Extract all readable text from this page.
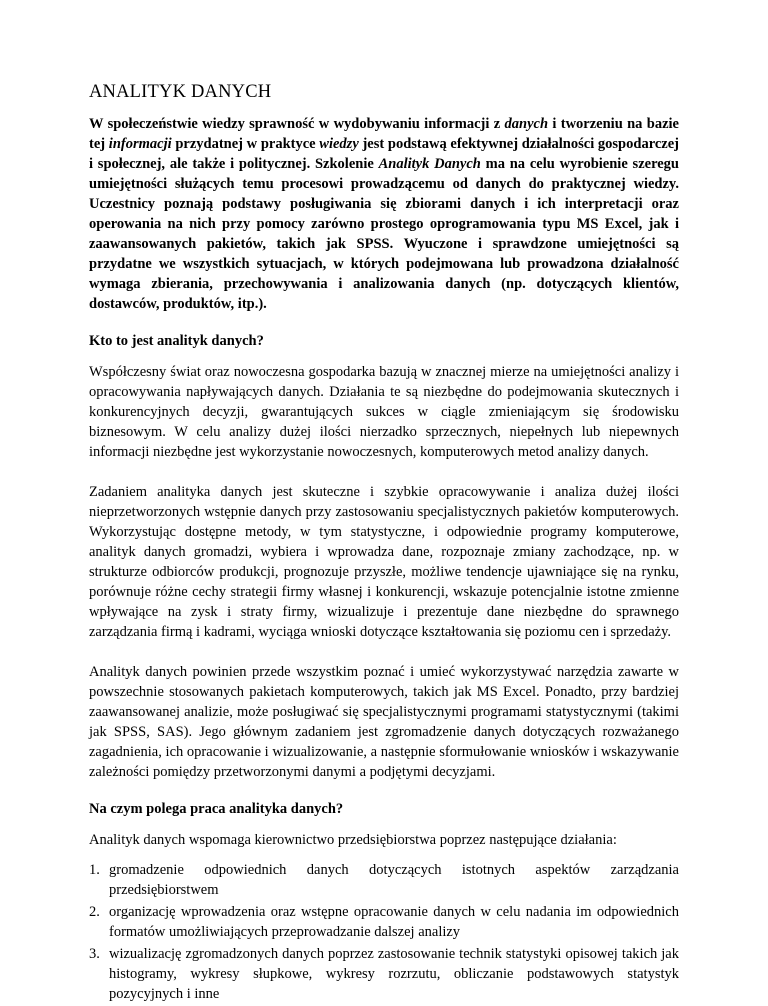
ANALITYK DANYCH

W społeczeństwie wiedzy sprawność w wydobywaniu informacji z danych i tworzeniu na bazie tej informacji przydatnej w praktyce wiedzy jest podstawą efektywnej działalności gospodarczej i społecznej, ale także i politycznej. Szkolenie Analityk Danych ma na celu wyrobienie szeregu umiejętności służących temu procesowi prowadzącemu od danych do praktycznej wiedzy. Uczestnicy poznają podstawy posługiwania się zbiorami danych i ich interpretacji oraz operowania na nich przy pomocy zarówno prostego oprogramowania typu MS Excel, jak i zaawansowanych pakietów, takich jak SPSS. Wyuczone i sprawdzone umiejętności są przydatne we wszystkich sytuacjach, w których podejmowana lub prowadzona działalność wymaga zbierania, przechowywania i analizowania danych (np. dotyczących klientów, dostawców, produktów, itp.).

Kto to jest analityk danych?

Współczesny świat oraz nowoczesna gospodarka bazują w znacznej mierze na umiejętności analizy i opracowywania napływających danych. Działania te są niezbędne do podejmowania skutecznych i konkurencyjnych decyzji, gwarantujących sukces w ciągle zmieniającym się środowisku biznesowym. W celu analizy dużej ilości nierzadko sprzecznych, niepełnych lub niepewnych informacji niezbędne jest wykorzystanie nowoczesnych, komputerowych metod analizy danych.

Zadaniem analityka danych jest skuteczne i szybkie opracowywanie i analiza dużej ilości nieprzetworzonych wstępnie danych przy zastosowaniu specjalistycznych pakietów komputerowych. Wykorzystując dostępne metody, w tym statystyczne, i odpowiednie programy komputerowe, analityk danych gromadzi, wybiera i wprowadza dane, rozpoznaje zmiany zachodzące, np. w strukturze odbiorców produkcji, prognozuje przyszłe, możliwe tendencje ujawniające się na rynku, porównuje różne cechy strategii firmy własnej i konkurencji, wskazuje potencjalnie istotne zmienne wpływające na zysk i straty firmy, wizualizuje i prezentuje dane niezbędne do sprawnego zarządzania firmą i kadrami, wyciąga wnioski dotyczące kształtowania się poziomu cen i sprzedaży.

Analityk danych powinien przede wszystkim poznać i umieć wykorzystywać narzędzia zawarte w powszechnie stosowanych pakietach komputerowych, takich jak MS Excel. Ponadto, przy bardziej zaawansowanej analizie, może posługiwać się specjalistycznymi programami statystycznymi (takimi jak SPSS, SAS). Jego głównym zadaniem jest zgromadzenie danych dotyczących rozważanego zagadnienia, ich opracowanie i wizualizowanie, a następnie sformułowanie wniosków i wskazywanie zależności pomiędzy przetworzonymi danymi a podjętymi decyzjami.

Na czym polega praca analityka danych?

Analityk danych wspomaga kierownictwo przedsiębiorstwa poprzez następujące działania:

1. gromadzenie odpowiednich danych dotyczących istotnych aspektów zarządzania przedsiębiorstwem
2. organizację wprowadzenia oraz wstępne opracowanie danych w celu nadania im odpowiednich formatów umożliwiających przeprowadzanie dalszej analizy
3. wizualizację zgromadzonych danych poprzez zastosowanie technik statystyki opisowej takich jak histogramy, wykresy słupkowe, wykresy rozrzutu, obliczanie podstawowych statystyk pozycyjnych i inne
